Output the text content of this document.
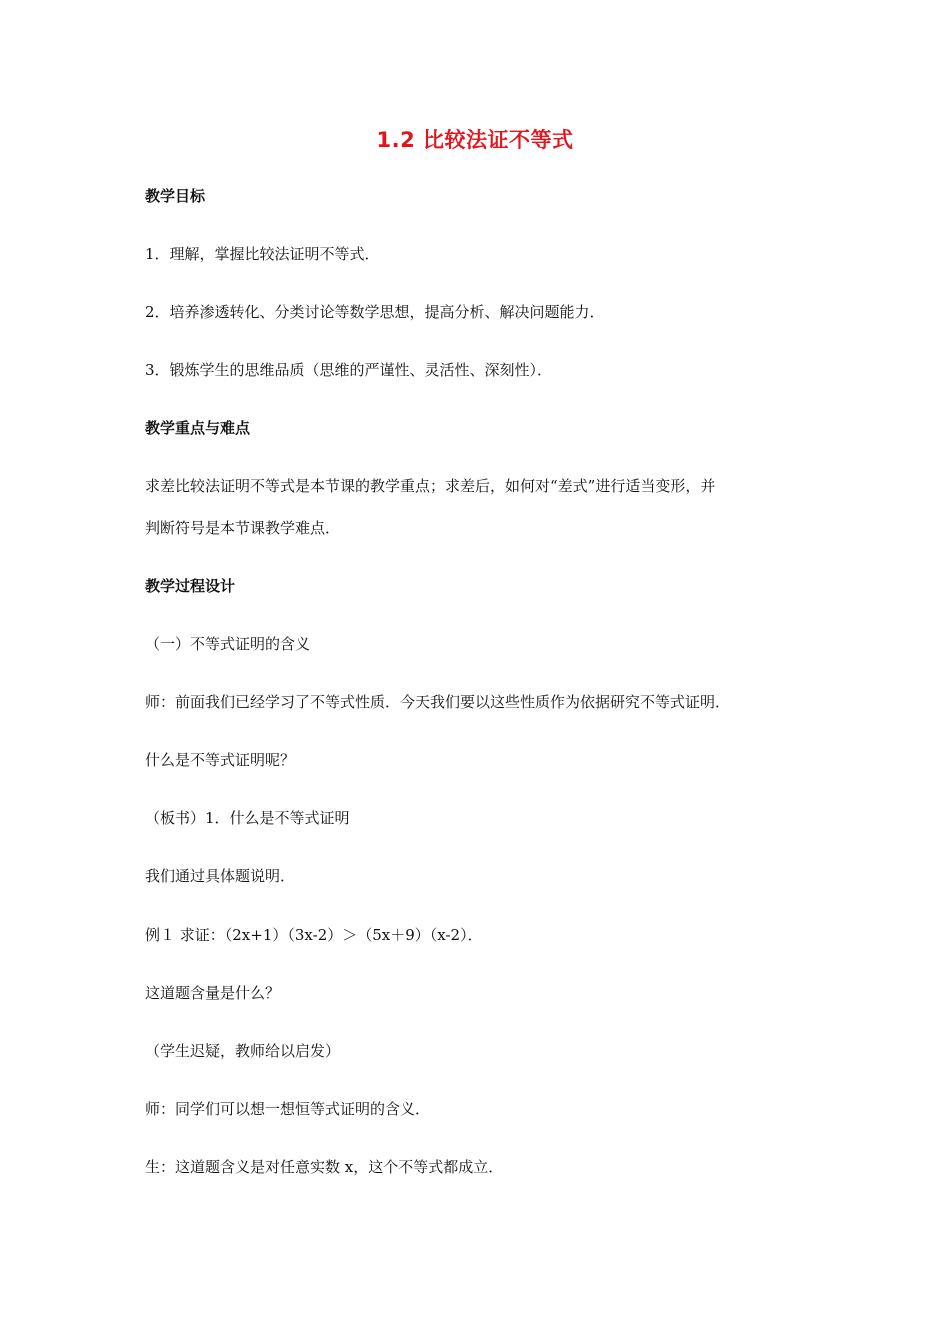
1.2 比较法证不等式
教学目标
1．理解，掌握比较法证明不等式．
2．培养渗透转化、分类讨论等数学思想，提高分析、解决问题能力．
3．锻炼学生的思维品质（思维的严谨性、灵活性、深刻性）．
教学重点与难点
求差比较法证明不等式是本节课的教学重点；求差后，如何对“差式”进行适当变形，并
判断符号是本节课教学难点．
教学过程设计
（一）不等式证明的含义
师：前面我们已经学习了不等式性质．今天我们要以这些性质作为依据研究不等式证明．
什么是不等式证明呢？
（板书）1．什么是不等式证明
我们通过具体题说明．
例１ 求证：（2x+1）（3x-2）＞（5x＋9）（x-2）．
这道题含量是什么？
（学生迟疑，教师给以启发）
师：同学们可以想一想恒等式证明的含义．
生：这道题含义是对任意实数 x，这个不等式都成立．
